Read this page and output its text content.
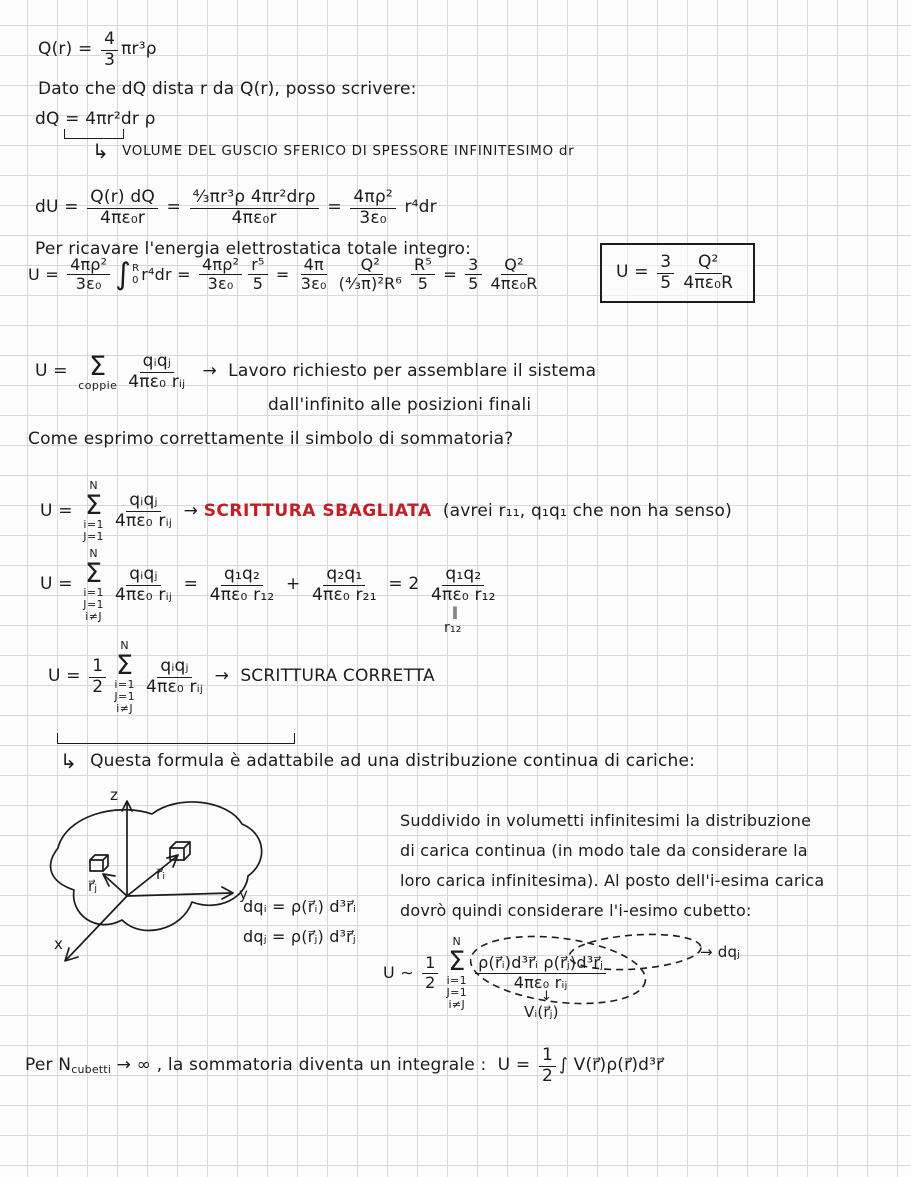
$Q(r) = \frac{4}{3} \pi r^3\rho$
Dato che dQ dista r da Q(r), posso scrivere:
dQ = 4πr²dr ρ
↳ VOLUME DEL GUSCIO SFERICO DI SPESSORE INFINITESIMO dr
dU = $\frac{Q(r) dQ}{\text{4πε₀r}} = \frac{\text{⁴⁄₃πr³ρ 4πr²drρ}}{\text{4πε₀r}} = \frac{\text{4πρ²}}{\text{3ε₀}} r^4dr$
Per ricavare l'energia elettrostatica totale integro:
$U = \frac{\text{4πρ²}}{\text{3ε₀}}$ ∫ R
0 $r^4dr = \frac{\text{4πρ²}}{\text{3ε₀}} \frac{\text{r⁵}}{5} = \frac{4\pi}{\text{3ε₀}} \frac{\text{Q²}}{\text{(⁴⁄₃π)²R⁶}} \frac{\text{R⁵}}{5} = \frac{3}{5} \frac{\text{Q²}}{\text{4πε₀R}}$	$U = \frac{3}{5} \frac{\text{Q²}}{\text{4πε₀R}}$
U = Σ
coppie $\frac{\text{qᵢqⱼ}}{\text{4πε₀ rᵢⱼ}}$ →  Lavoro richiesto per assemblare il sistema
dall'infinito alle posizioni finali
Come esprimo correttamente il simbolo di sommatoria?
U =
N
Σ
i=1
J=1
$\frac{\text{qᵢqⱼ}}{\text{4πε₀ rᵢⱼ}}$ → SCRITTURA SBAGLIATA (avrei r₁₁, q₁q₁ che non ha senso)
U =
N
Σ
i=1
J=1
i≠J
$\frac{\text{qᵢqⱼ}}{\text{4πε₀ rᵢⱼ}} = \frac{\text{q₁q₂}}{\text{4πε₀ r₁₂}} + \frac{\text{q₂q₁}}{\text{4πε₀ r₂₁}} = 2 \frac{\text{q₁q₂}}{\text{4πε₀ r₁₂}}$
‖
r₁₂
$U = \frac{1}{2}$
N
Σ
i=1
J=1
i≠J
$\frac{\text{qᵢqⱼ}}{\text{4πε₀ rᵢⱼ}}$ →  SCRITTURA CORRETTA
↳ Questa formula è adattabile ad una distribuzione continua di cariche:
dqᵢ = ρ(r⃗ᵢ) d³r⃗ᵢ
dqⱼ = ρ(r⃗ⱼ) d³r⃗ⱼ
Suddivido in volumetti infinitesimi la distribuzione
di carica continua (in modo tale da considerare la
loro carica infinitesima). Al posto dell'i-esima carica
dovrò quindi considerare l'i-esimo cubetto:
U ∼ $\frac{1}{2}$
N
Σ
i=1
J=1
i≠J
$\frac{\text{ρ(r⃗ᵢ)d³r⃗ᵢ ρ(r⃗ⱼ)d³r⃗ⱼ}}{\text{4πε₀ rᵢⱼ}}$
→ dqⱼ
↓
Vᵢ(r⃗ⱼ)
Per N cubetti → ∞ , la sommatoria diventa un integrale :  $U = \frac{1}{2}$ ∫ V(r⃗)ρ(r⃗)d³r⃗
z
y
x
r⃗ⱼ
r⃗ᵢ
